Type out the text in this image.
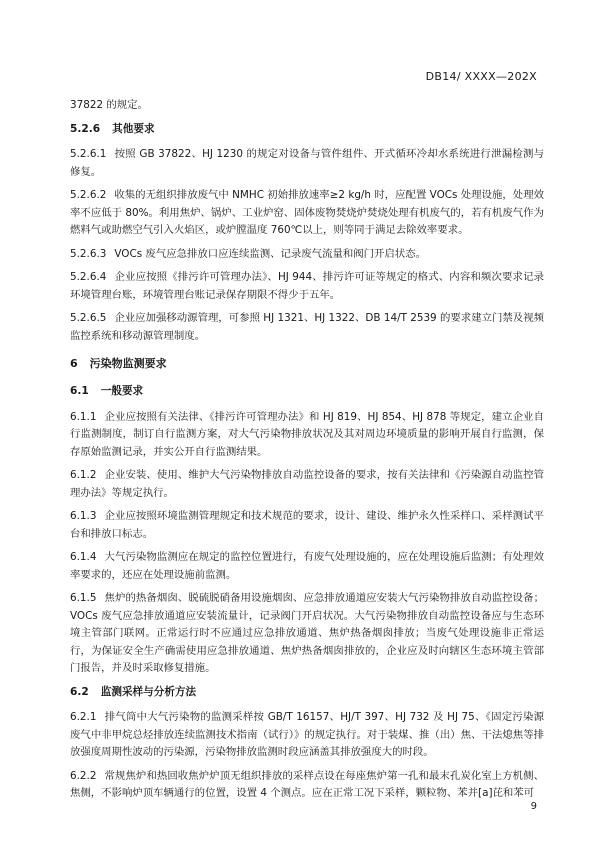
DB14/ XXXX—202X
37822 的规定。
5.2.6 其他要求
5.2.6.1 按照 GB 37822、HJ 1230 的规定对设备与管件组件、开式循环冷却水系统进行泄漏检测与修复。
5.2.6.2 收集的无组织排放废气中 NMHC 初始排放速率≥2 kg/h 时，应配置 VOCs 处理设施，处理效率不应低于 80%。利用焦炉、锅炉、工业炉窑、固体废物焚烧炉焚烧处理有机废气的，若有机废气作为燃料气或助燃空气引入火焰区，或炉膛温度 760℃以上，则等同于满足去除效率要求。
5.2.6.3 VOCs 废气应急排放口应连续监测、记录废气流量和阀门开启状态。
5.2.6.4 企业应按照《排污许可管理办法》、HJ 944、排污许可证等规定的格式、内容和频次要求记录环境管理台账，环境管理台账记录保存期限不得少于五年。
5.2.6.5 企业应加强移动源管理，可参照 HJ 1321、HJ 1322、DB 14/T 2539 的要求建立门禁及视频监控系统和移动源管理制度。
6 污染物监测要求
6.1 一般要求
6.1.1 企业应按照有关法律、《排污许可管理办法》和 HJ 819、HJ 854、HJ 878 等规定，建立企业自行监测制度，制订自行监测方案，对大气污染物排放状况及其对周边环境质量的影响开展自行监测，保存原始监测记录，并实公开自行监测结果。
6.1.2 企业安装、使用、维护大气污染物排放自动监控设备的要求，按有关法律和《污染源自动监控管理办法》等规定执行。
6.1.3 企业应按照环境监测管理规定和技术规范的要求，设计、建设、维护永久性采样口、采样测试平台和排放口标志。
6.1.4 大气污染物监测应在规定的监控位置进行，有废气处理设施的，应在处理设施后监测；有处理效率要求的，还应在处理设施前监测。
6.1.5 焦炉的热备烟囱、脱硫脱硝备用设施烟囱、应急排放通道应安装大气污染物排放自动监控设备；VOCs 废气应急排放通道应安装流量计，记录阀门开启状况。大气污染物排放自动监控设备应与生态环境主管部门联网。正常运行时不应通过应急排放通道、焦炉热备烟囱排放；当废气处理设施非正常运行，为保证安全生产确需使用应急排放通道、焦炉热备烟囱排放的，企业应及时向辖区生态环境主管部门报告，并及时采取修复措施。
6.2 监测采样与分析方法
6.2.1 排气筒中大气污染物的监测采样按 GB/T 16157、HJ/T 397、HJ 732 及 HJ 75、《固定污染源废气中非甲烷总烃排放连续监测技术指南（试行）》的规定执行。对于装煤、推（出）焦、干法熄焦等排放强度周期性波动的污染源，污染物排放监测时段应涵盖其排放强度大的时段。
6.2.2 常规焦炉和热回收焦炉炉顶无组织排放的采样点设在每座焦炉第一孔和最末孔炭化室上方机侧、焦侧，不影响炉顶车辆通行的位置，设置 4 个测点。应在正常工况下采样，颗粒物、苯并[a]芘和苯可
9
